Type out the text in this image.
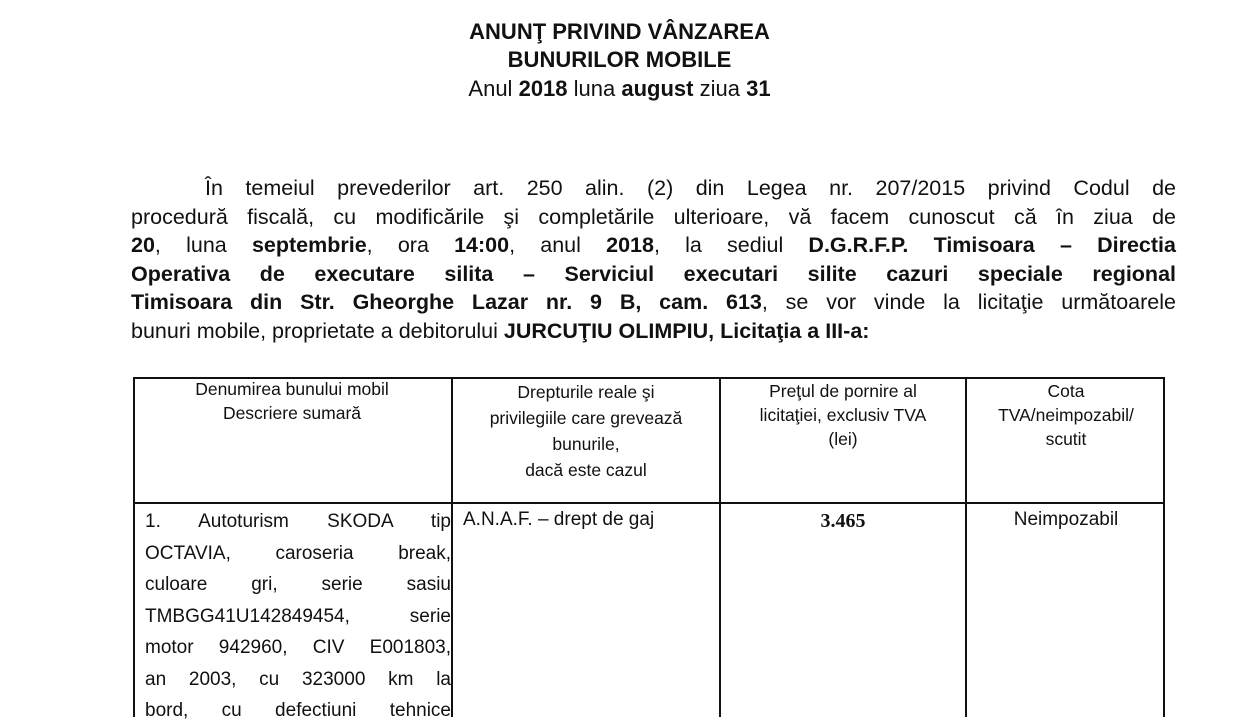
ANUNŢ PRIVIND VÂNZAREA
BUNURILOR MOBILE
Anul 2018 luna august ziua 31
În temeiul prevederilor art. 250 alin. (2) din Legea nr. 207/2015 privind Codul de
procedură fiscală, cu modificările şi completările ulterioare, vă facem cunoscut că în ziua de
20, luna septembrie, ora 14:00, anul 2018, la sediul D.G.R.F.P. Timisoara – Directia
Operativa de executare silita – Serviciul executari silite cazuri speciale regional
Timisoara din Str. Gheorghe Lazar nr. 9 B, cam. 613, se vor vinde la licitaţie următoarele
bunuri mobile, proprietate a debitorului JURCUŢIU OLIMPIU, Licitaţia a III-a:
Denumirea bunului mobil
Descriere sumară
Drepturile reale şi
privilegiile care grevează
bunurile,
dacă este cazul
Preţul de pornire al
licitaţiei, exclusiv TVA
(lei)
Cota
TVA/neimpozabil/
scutit
1. Autoturism SKODA tip
OCTAVIA, caroseria break,
culoare gri, serie sasiu
TMBGG41U142849454, serie
motor 942960, CIV E001803,
an 2003, cu 323000 km la
bord, cu defectiuni tehnice
A.N.A.F. – drept de gaj	3.465	Neimpozabil
